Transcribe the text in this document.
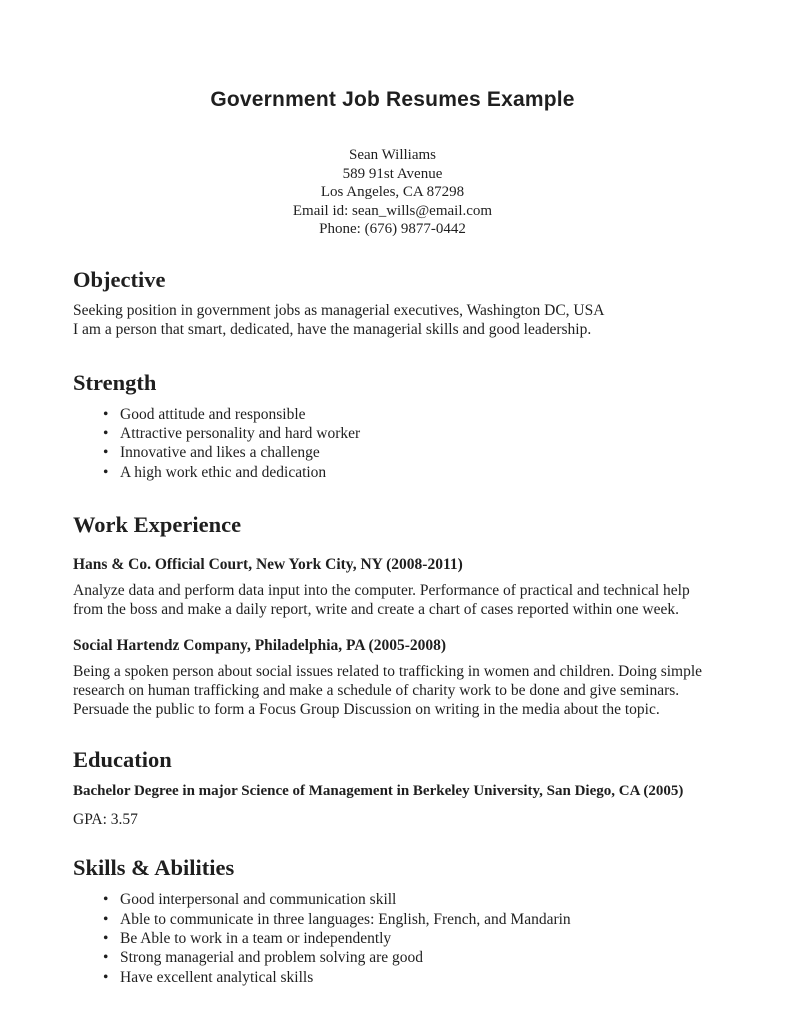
Government Job Resumes Example
Sean Williams
589 91st Avenue
Los Angeles, CA 87298
Email id: sean_wills@email.com
Phone: (676) 9877-0442
Objective
Seeking position in government jobs as managerial executives, Washington DC, USA
I am a person that smart, dedicated, have the managerial skills and good leadership.
Strength
• Good attitude and responsible
• Attractive personality and hard worker
• Innovative and likes a challenge
• A high work ethic and dedication
Work Experience
Hans & Co. Official Court, New York City, NY (2008-2011)
Analyze data and perform data input into the computer. Performance of practical and technical help from the boss and make a daily report, write and create a chart of cases reported within one week.
Social Hartendz Company, Philadelphia, PA (2005-2008)
Being a spoken person about social issues related to trafficking in women and children. Doing simple research on human trafficking and make a schedule of charity work to be done and give seminars. Persuade the public to form a Focus Group Discussion on writing in the media about the topic.
Education
Bachelor Degree in major Science of Management in Berkeley University, San Diego, CA (2005)
GPA: 3.57
Skills & Abilities
• Good interpersonal and communication skill
• Able to communicate in three languages: English, French, and Mandarin
• Be Able to work in a team or independently
• Strong managerial and problem solving are good
• Have excellent analytical skills
